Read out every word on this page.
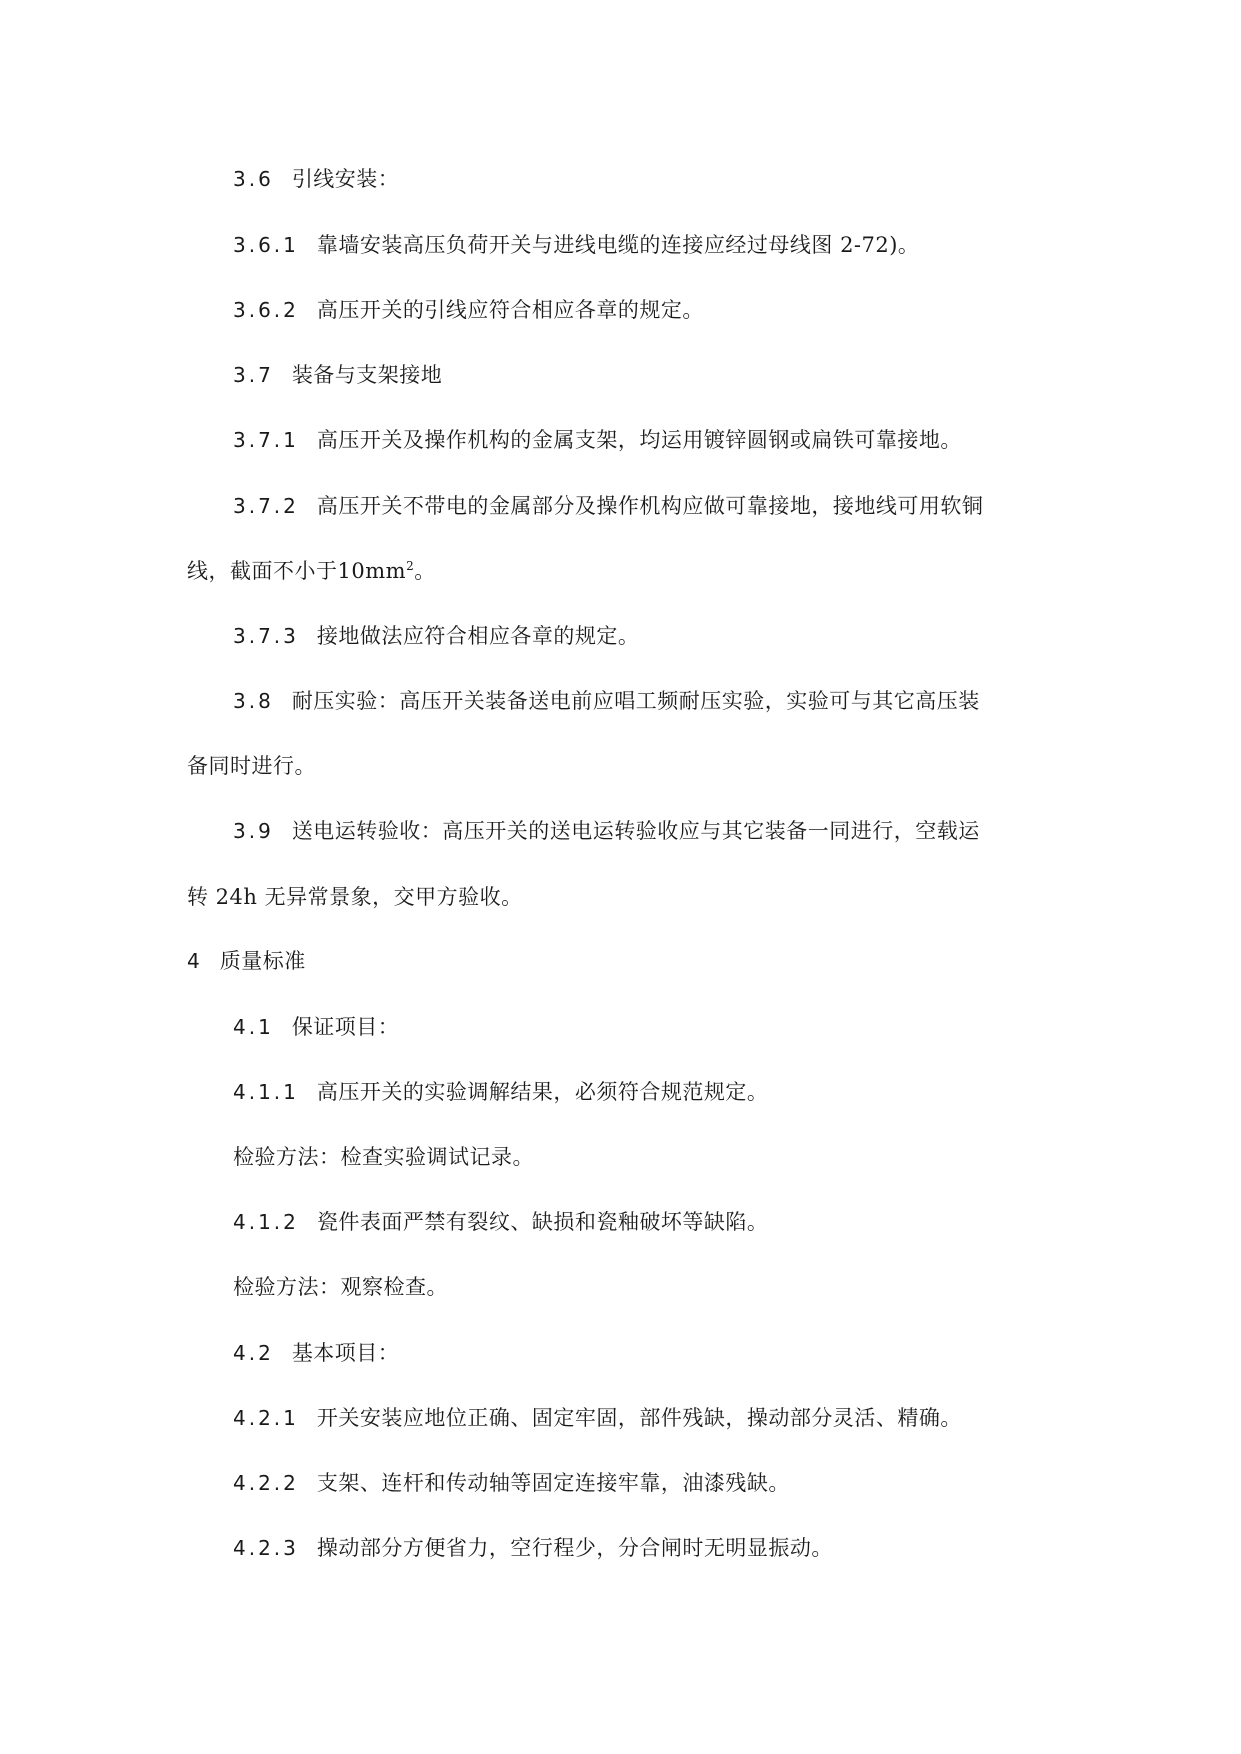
3.6 引线安装：
3.6.1 靠墙安装高压负荷开关与进线电缆的连接应经过母线图 2-72)。
3.6.2 高压开关的引线应符合相应各章的规定。
3.7 装备与支架接地
3.7.1 高压开关及操作机构的金属支架，均运用镀锌圆钢或扁铁可靠接地。
3.7.2 高压开关不带电的金属部分及操作机构应做可靠接地，接地线可用软铜
线，截面不小于$10mm^2$。
3.7.3 接地做法应符合相应各章的规定。
3.8 耐压实验：高压开关装备送电前应唱工频耐压实验，实验可与其它高压装
备同时进行。
3.9 送电运转验收：高压开关的送电运转验收应与其它装备一同进行，空载运
转 24h 无异常景象，交甲方验收。
4 质量标准
4.1 保证项目：
4.1.1 高压开关的实验调解结果，必须符合规范规定。
检验方法：检查实验调试记录。
4.1.2 瓷件表面严禁有裂纹、缺损和瓷釉破坏等缺陷。
检验方法：观察检查。
4.2 基本项目：
4.2.1 开关安装应地位正确、固定牢固，部件残缺，操动部分灵活、精确。
4.2.2 支架、连杆和传动轴等固定连接牢靠，油漆残缺。
4.2.3 操动部分方便省力，空行程少，分合闸时无明显振动。
